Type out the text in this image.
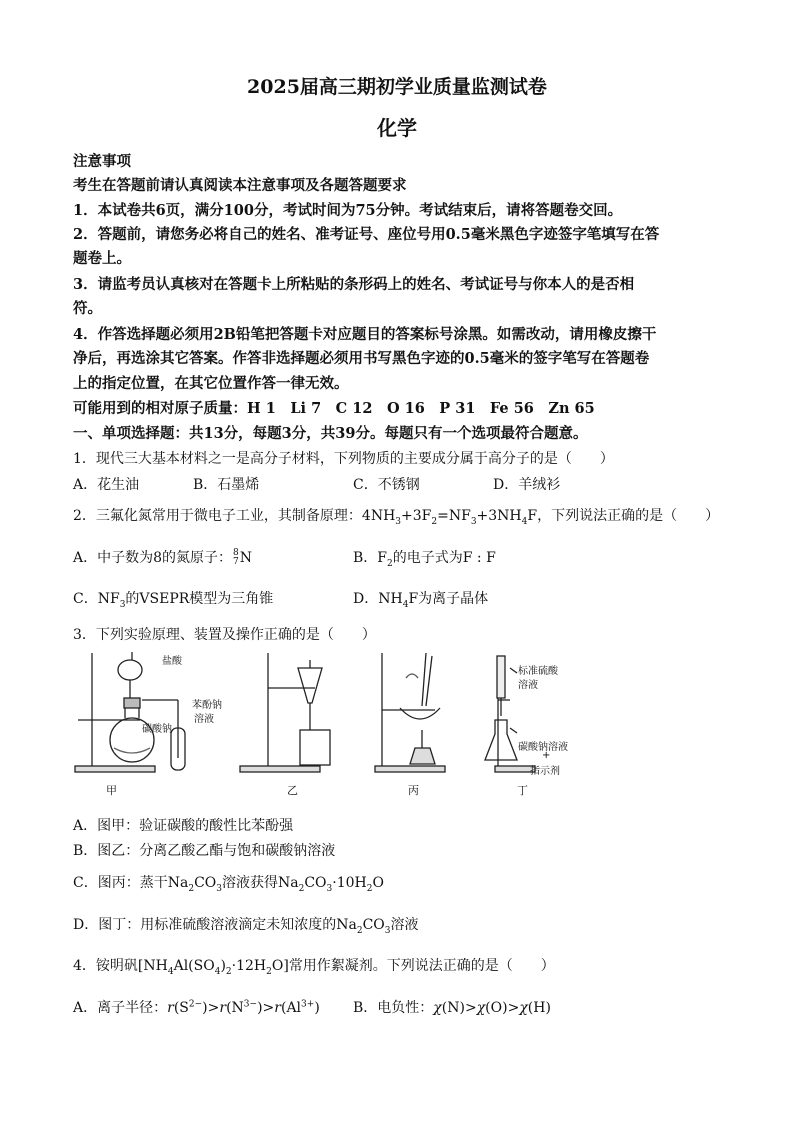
2025届高三期初学业质量监测试卷
化学
注意事项
考生在答题前请认真阅读本注意事项及各题答题要求
1．本试卷共6页，满分100分，考试时间为75分钟。考试结束后，请将答题卷交回。
2．答题前，请您务必将自己的姓名、准考证号、座位号用0.5毫米黑色字迹签字笔填写在答
题卷上。
3．请监考员认真核对在答题卡上所粘贴的条形码上的姓名、考试证号与你本人的是否相
符。
4．作答选择题必须用2B铅笔把答题卡对应题目的答案标号涂黑。如需改动，请用橡皮擦干
净后，再选涂其它答案。作答非选择题必须用书写黑色字迹的0.5毫米的签字笔写在答题卷
上的指定位置，在其它位置作答一律无效。
可能用到的相对原子质量：H 1　Li 7　C 12　O 16　P 31　Fe 56　Zn 65
一、单项选择题：共13分，每题3分，共39分。每题只有一个选项最符合题意。
1．现代三大基本材料之一是高分子材料，下列物质的主要成分属于高分子的是（　　）
A．花生油	B．石墨烯	C．不锈钢	D．羊绒衫
2．三氟化氮常用于微电子工业，其制备原理：$4NH_3+3F_2=NF_3+3NH_4F$，下列说法正确的是（　　）
A．中子数为8的氮原子：8
7N	B．$F_2$的电子式为F : F
C．$NF_3$的VSEPR模型为三角锥	D．$NH_4F$为离子晶体
3．下列实验原理、装置及操作正确的是（　　）
盐酸
苯酚钠
溶液
碳酸钠
标准硫酸
溶液
碳酸钠溶液
+
指示剂
甲	乙	丙	丁
A．图甲：验证碳酸的酸性比苯酚强
B．图乙：分离乙酸乙酯与饱和碳酸钠溶液
C．图丙：蒸干$Na_2CO_3$溶液获得$Na_2CO_3\cdot 10H_2O$
D．图丁：用标准硫酸溶液滴定未知浓度的$Na_2CO_3$溶液
4．铵明矾$[NH_4Al(SO_4)_2\cdot 12H_2O]$常用作絮凝剂。下列说法正确的是（　　）
A．离子半径：$r(S^{2-})>r(N^{3-})>r(Al^{3+})$ B．电负性：χ(N)>χ(O)>χ(H)
